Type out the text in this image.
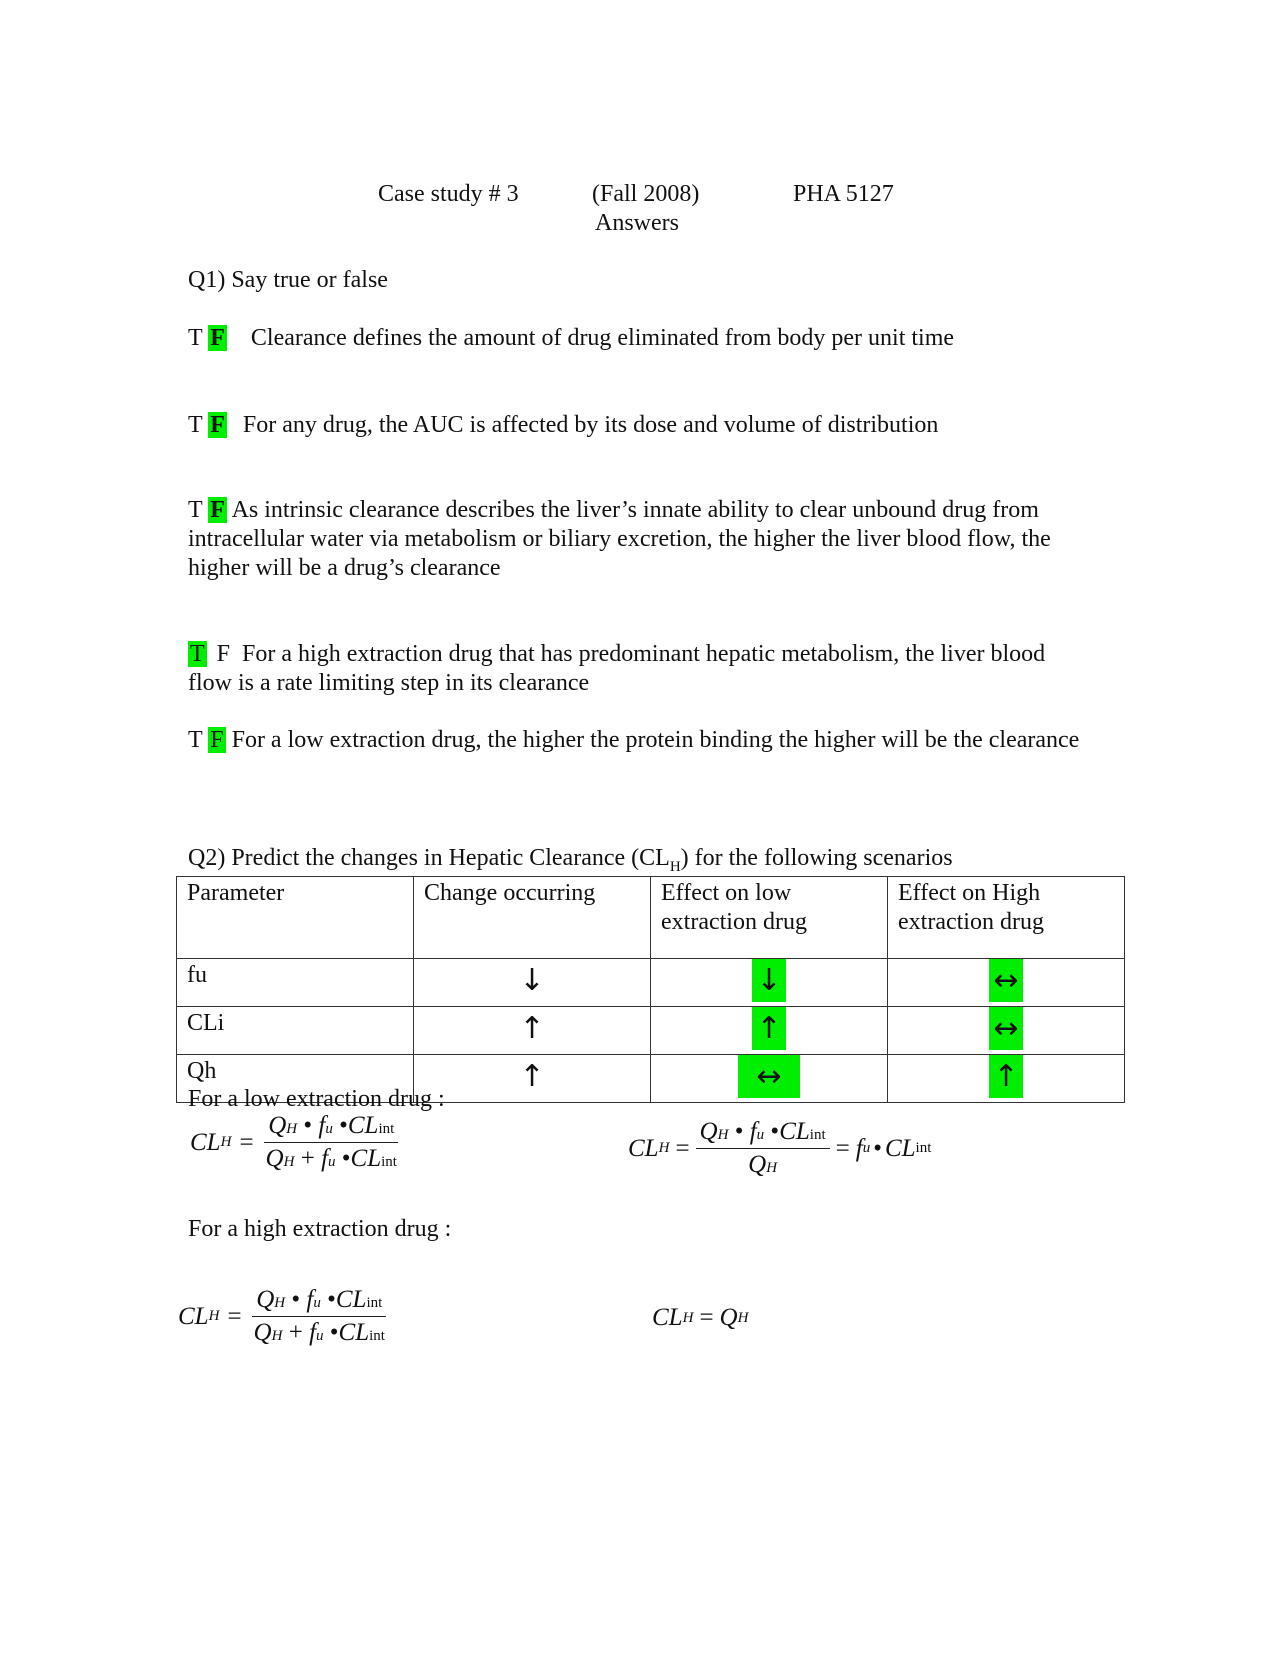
Case study # 3	(Fall 2008)
Answers
PHA 5127
Q1) Say true or false
T F Clearance defines the amount of drug eliminated from body per unit time
T F For any drug, the AUC is affected by its dose and volume of distribution
T F As intrinsic clearance describes the liver’s innate ability to clear unbound drug from intracellular water via metabolism or biliary excretion, the higher the liver blood flow, the higher will be a drug’s clearance
T F For a high extraction drug that has predominant hepatic metabolism, the liver blood flow is a rate limiting step in its clearance
T F For a low extraction drug, the higher the protein binding the higher will be the clearance
Q2) Predict the changes in Hepatic Clearance $(CL_H)$ for the following scenarios
Parameter	Change occurring	Effect on low extraction drug	Effect on High extraction drug
fu	↓	↓	↔

CLi	↑	↑	↔

Qh	↑	↔	↑
For a low extraction drug :
CL $H = \frac{\text{QH • fu •CLint}}{\text{QH + fu •CLint}}$	CL $H = \frac{\text{QH • fu •CLint}}{QH} = f$ u • CL int
For a high extraction drug :
CL $H = \frac{\text{QH • fu •CLint}}{\text{QH + fu •CLint}}$	CL H = Q H
